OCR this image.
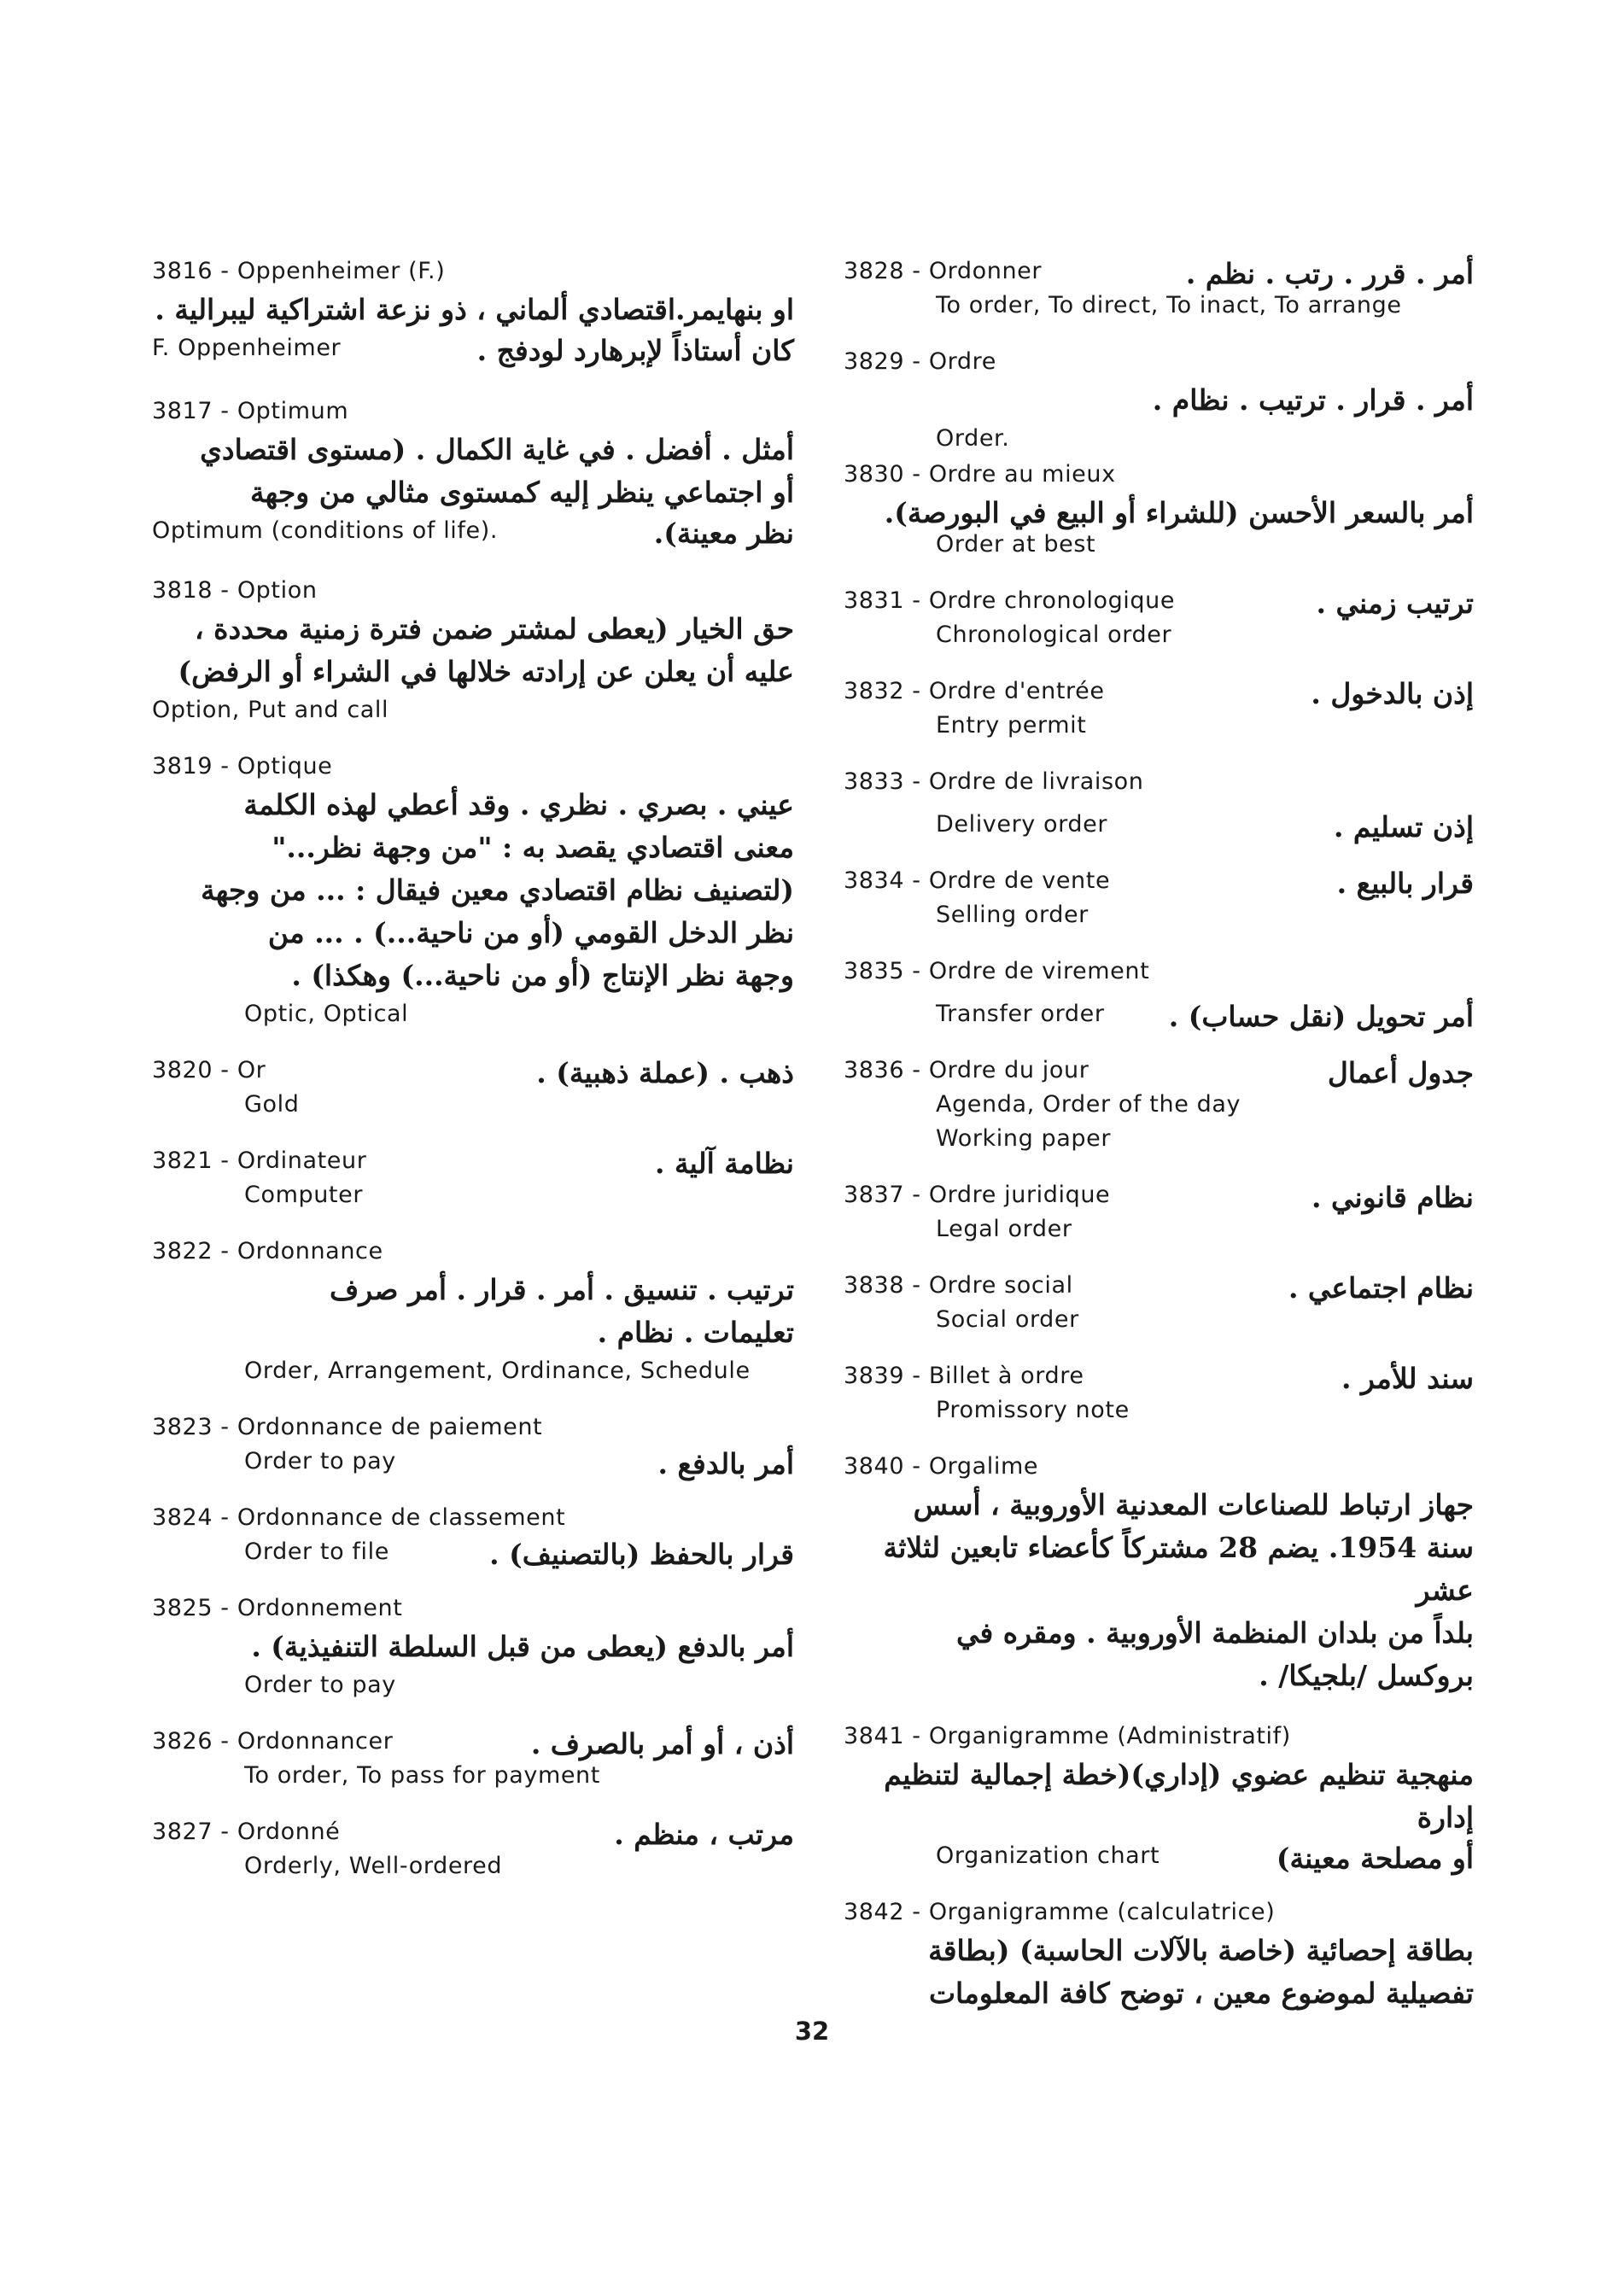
3816 - Oppenheimer (F.)
او بنهايمر.اقتصادي ألماني ، ذو نزعة اشتراكية ليبرالية .
F. Oppenheimer	كان أستاذاً لإبرهارد لودفج .
3817 - Optimum
أمثل . أفضل . في غاية الكمال . (مستوى اقتصادي
أو اجتماعي ينظر إليه كمستوى مثالي من وجهة
Optimum (conditions of life).	نظر معينة).
3818 - Option
حق الخيار (يعطى لمشتر ضمن فترة زمنية محددة ،
عليه أن يعلن عن إرادته خلالها في الشراء أو الرفض)
Option, Put and call
3819 - Optique
عيني . بصري . نظري . وقد أعطي لهذه الكلمة
معنى اقتصادي يقصد به : "من وجهة نظر..."
(لتصنيف نظام اقتصادي معين فيقال : ... من وجهة
نظر الدخل القومي (أو من ناحية...) . ... من
وجهة نظر الإنتاج (أو من ناحية...) وهكذا) .
Optic, Optical
3820 - Or	ذهب . (عملة ذهبية) .
Gold
3821 - Ordinateur	نظامة آلية .
Computer
3822 - Ordonnance
ترتيب . تنسيق . أمر . قرار . أمر صرف
تعليمات . نظام .
Order, Arrangement, Ordinance, Schedule
3823 - Ordonnance de paiement
Order to pay	أمر بالدفع .
3824 - Ordonnance de classement
Order to file	قرار بالحفظ (بالتصنيف) .
3825 - Ordonnement
أمر بالدفع (يعطى من قبل السلطة التنفيذية) .
Order to pay
3826 - Ordonnancer	أذن ، أو أمر بالصرف .
To order, To pass for payment
3827 - Ordonné	مرتب ، منظم .
Orderly, Well-ordered
3828 - Ordonner	أمر . قرر . رتب . نظم .
To order, To direct, To inact, To arrange
3829 - Ordre
أمر . قرار . ترتيب . نظام .
Order.
3830 - Ordre au mieux
أمر بالسعر الأحسن (للشراء أو البيع في البورصة).
Order at best
3831 - Ordre chronologique	ترتيب زمني .
Chronological order
3832 - Ordre d'entrée	إذن بالدخول .
Entry permit
3833 - Ordre de livraison
Delivery order	إذن تسليم .
3834 - Ordre de vente	قرار بالبيع .
Selling order
3835 - Ordre de virement
Transfer order	أمر تحويل (نقل حساب) .
3836 - Ordre du jour	جدول أعمال
Agenda, Order of the day
Working paper
3837 - Ordre juridique	نظام قانوني .
Legal order
3838 - Ordre social	نظام اجتماعي .
Social order
3839 - Billet à ordre	سند للأمر .
Promissory note
3840 - Orgalime
جهاز ارتباط للصناعات المعدنية الأوروبية ، أسس
سنة 1954. يضم 28 مشتركاً كأعضاء تابعين لثلاثة عشر
بلداً من بلدان المنظمة الأوروبية . ومقره في
بروكسل /بلجيكا/ .
3841 - Organigramme (Administratif)
منهجية تنظيم عضوي (إداري)(خطة إجمالية لتنظيم إدارة
Organization chart	أو مصلحة معينة)
3842 - Organigramme (calculatrice)
بطاقة إحصائية (خاصة بالآلات الحاسبة) (بطاقة
تفصيلية لموضوع معين ، توضح كافة المعلومات
32
